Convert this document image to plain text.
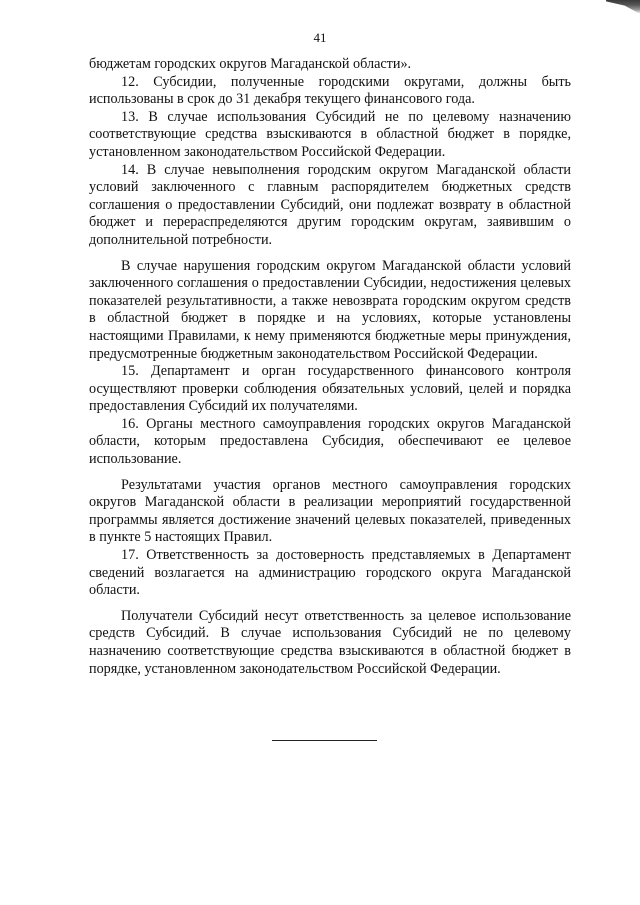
41

бюджетам городских округов Магаданской области».

12. Субсидии, полученные городскими округами, должны быть использованы в срок до 31 декабря текущего финансового года.

13. В случае использования Субсидий не по целевому назначению соответствующие средства взыскиваются в областной бюджет в порядке, установленном законодательством Российской Федерации.

14. В случае невыполнения городским округом Магаданской области условий заключенного с главным распорядителем бюджетных средств соглашения о предоставлении Субсидий, они подлежат возврату в областной бюджет и перераспределяются другим городским округам, заявившим о дополнительной потребности.

В случае нарушения городским округом Магаданской области условий заключенного соглашения о предоставлении Субсидии, недостижения целевых показателей результативности, а также невозврата городским округом средств в областной бюджет в порядке и на условиях, которые установлены настоящими Правилами, к нему применяются бюджетные меры принуждения, предусмотренные бюджетным законодательством Российской Федерации.

15. Департамент и орган государственного финансового контроля осуществляют проверки соблюдения обязательных условий, целей и порядка предоставления Субсидий их получателями.

16. Органы местного самоуправления городских округов Магаданской области, которым предоставлена Субсидия, обеспечивают ее целевое использование.

Результатами участия органов местного самоуправления городских округов Магаданской области в реализации мероприятий государственной программы является достижение значений целевых показателей, приведенных в пункте 5 настоящих Правил.

17. Ответственность за достоверность представляемых в Департамент сведений возлагается на администрацию городского округа Магаданской области.

Получатели Субсидий несут ответственность за целевое использование средств Субсидий. В случае использования Субсидий не по целевому назначению соответствующие средства взыскиваются в областной бюджет в порядке, установленном законодательством Российской Федерации.
